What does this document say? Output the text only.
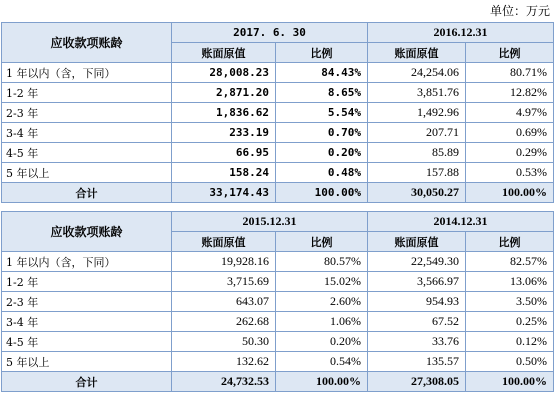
单位：万元
应收款项账龄	2017. 6. 30		2016.12.31	
	账面原值	比例	账面原值	比例
1 年以内（含，下同）	28,008.23	84.43%	24,254.06	80.71%
1-2 年	2,871.20	8.65%	3,851.76	12.82%
2-3 年	1,836.62	5.54%	1,492.96	4.97%
3-4 年	233.19	0.70%	207.71	0.69%
4-5 年	66.95	0.20%	85.89	0.29%
5 年以上	158.24	0.48%	157.88	0.53%
合计	33,174.43	100.00%	30,050.27	100.00%
应收款项账龄	2015.12.31		2014.12.31	
	账面原值	比例	账面原值	比例
1 年以内（含，下同）	19,928.16	80.57%	22,549.30	82.57%
1-2 年	3,715.69	15.02%	3,566.97	13.06%
2-3 年	643.07	2.60%	954.93	3.50%
3-4 年	262.68	1.06%	67.52	0.25%
4-5 年	50.30	0.20%	33.76	0.12%
5 年以上	132.62	0.54%	135.57	0.50%
合计	24,732.53	100.00%	27,308.05	100.00%
